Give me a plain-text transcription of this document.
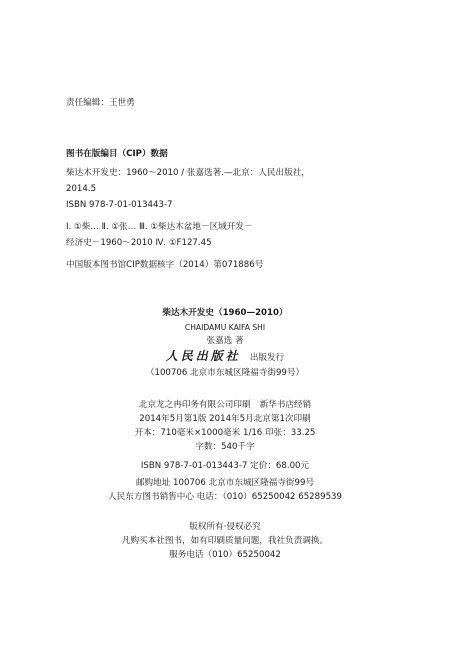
责任编辑：王世勇
图书在版编目（CIP）数据
柴达木开发史：1960～2010 / 张嘉选著.—北京：人民出版社，
2014.5
ISBN 978-7-01-013443-7
Ⅰ. ①柴… Ⅱ. ①张… Ⅲ. ①柴达木盆地－区域开发－
经济史－1960～2010 Ⅳ. ①F127.45
中国版本图书馆CIP数据核字（2014）第071886号
柴达木开发史（1960—2010）
CHAIDAMU KAIFA SHI
张嘉选 著
人民出版社 出版发行
（100706 北京市东城区隆福寺街99号）
北京龙之冉印务有限公司印刷 新华书店经销
2014年5月第1版 2014年5月北京第1次印刷
开本：710毫米×1000毫米 1/16 印张：33.25
字数：540千字
ISBN 978-7-01-013443-7 定价：68.00元
邮购地址 100706 北京市东城区隆福寺街99号
人民东方图书销售中心 电话：（010）65250042 65289539
版权所有·侵权必究
凡购买本社图书，如有印刷质量问题，我社负责调换。
服务电话（010）65250042
